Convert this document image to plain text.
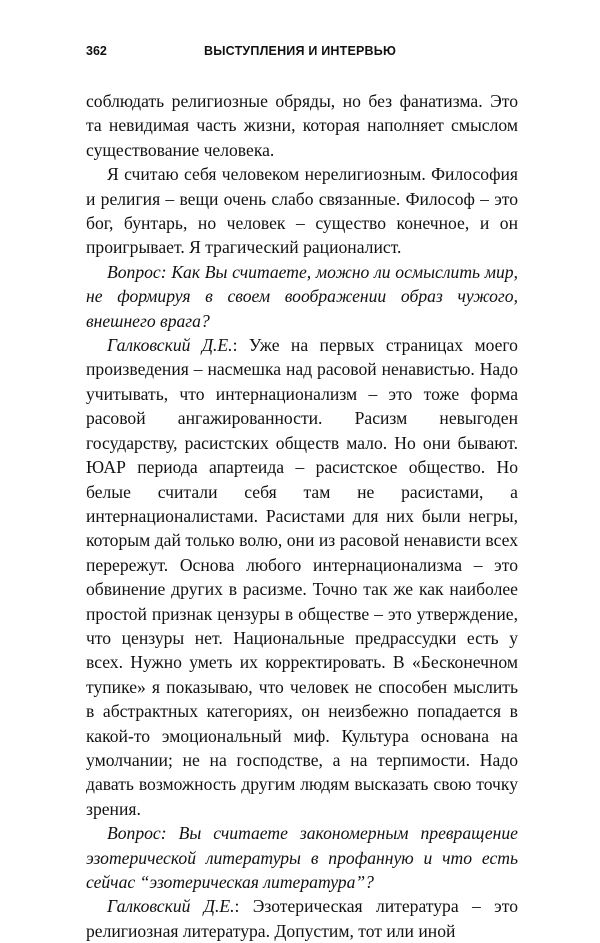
362	ВЫСТУПЛЕНИЯ И ИНТЕРВЬЮ

соблюдать религиозные обряды, но без фанатизма. Это та невидимая часть жизни, которая наполняет смыслом существование человека.

Я считаю себя человеком нерелигиозным. Философия и религия – вещи очень слабо связанные. Философ – это бог, бунтарь, но человек – существо конечное, и он проигрывает. Я трагический рационалист.

Вопрос: Как Вы считаете, можно ли осмыслить мир, не формируя в своем воображении образ чужого, внешнего врага?

Галковский Д.Е.: Уже на первых страницах моего произведения – насмешка над расовой ненавистью. Надо учитывать, что интернационализм – это тоже форма расовой ангажированности. Расизм невыгоден государству, расистских обществ мало. Но они бывают. ЮАР периода апартеида – расистское общество. Но белые считали себя там не расистами, а интернационалистами. Расистами для них были негры, которым дай только волю, они из расовой ненависти всех перережут. Основа любого интернационализма – это обвинение других в расизме. Точно так же как наиболее простой признак цензуры в обществе – это утверждение, что цензуры нет. Национальные предрассудки есть у всех. Нужно уметь их корректировать. В «Бесконечном тупике» я показываю, что человек не способен мыслить в абстрактных категориях, он неизбежно попадается в какой-то эмоциональный миф. Культура основана на умолчании; не на господстве, а на терпимости. Надо давать возможность другим людям высказать свою точку зрения.

Вопрос: Вы считаете закономерным превращение эзотерической литературы в профанную и что есть сейчас “эзотерическая литература”?

Галковский Д.Е.: Эзотерическая литература – это религиозная литература. Допустим, тот или иной
